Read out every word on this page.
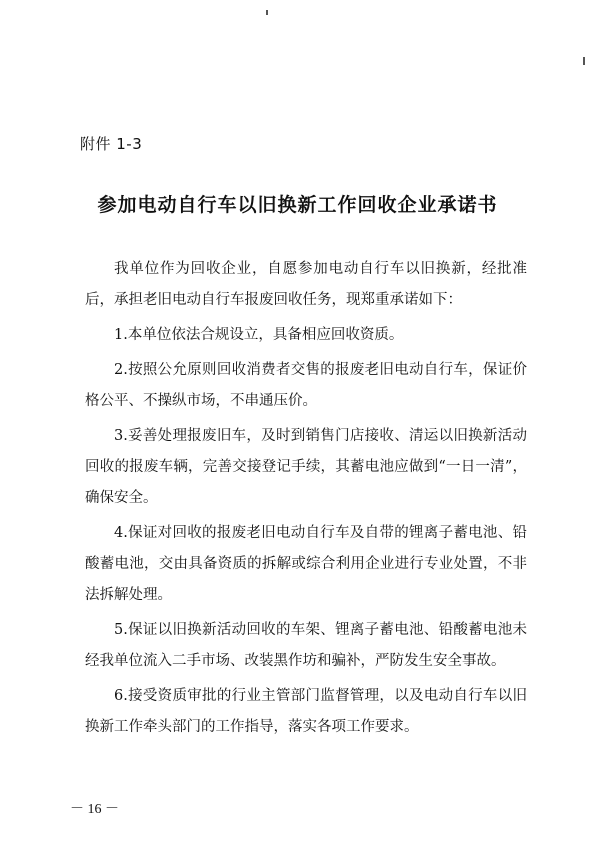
附件 1-3
参加电动自行车以旧换新工作回收企业承诺书

我单位作为回收企业，自愿参加电动自行车以旧换新，经批准后，承担老旧电动自行车报废回收任务，现郑重承诺如下：

1.本单位依法合规设立，具备相应回收资质。

2.按照公允原则回收消费者交售的报废老旧电动自行车，保证价格公平、不操纵市场，不串通压价。

3.妥善处理报废旧车，及时到销售门店接收、清运以旧换新活动回收的报废车辆，完善交接登记手续，其蓄电池应做到“一日一清”，确保安全。

4.保证对回收的报废老旧电动自行车及自带的锂离子蓄电池、铅酸蓄电池，交由具备资质的拆解或综合利用企业进行专业处置，不非法拆解处理。

5.保证以旧换新活动回收的车架、锂离子蓄电池、铅酸蓄电池未经我单位流入二手市场、改装黑作坊和骗补，严防发生安全事故。

6.接受资质审批的行业主管部门监督管理，以及电动自行车以旧换新工作牵头部门的工作指导，落实各项工作要求。

－ 16 －
